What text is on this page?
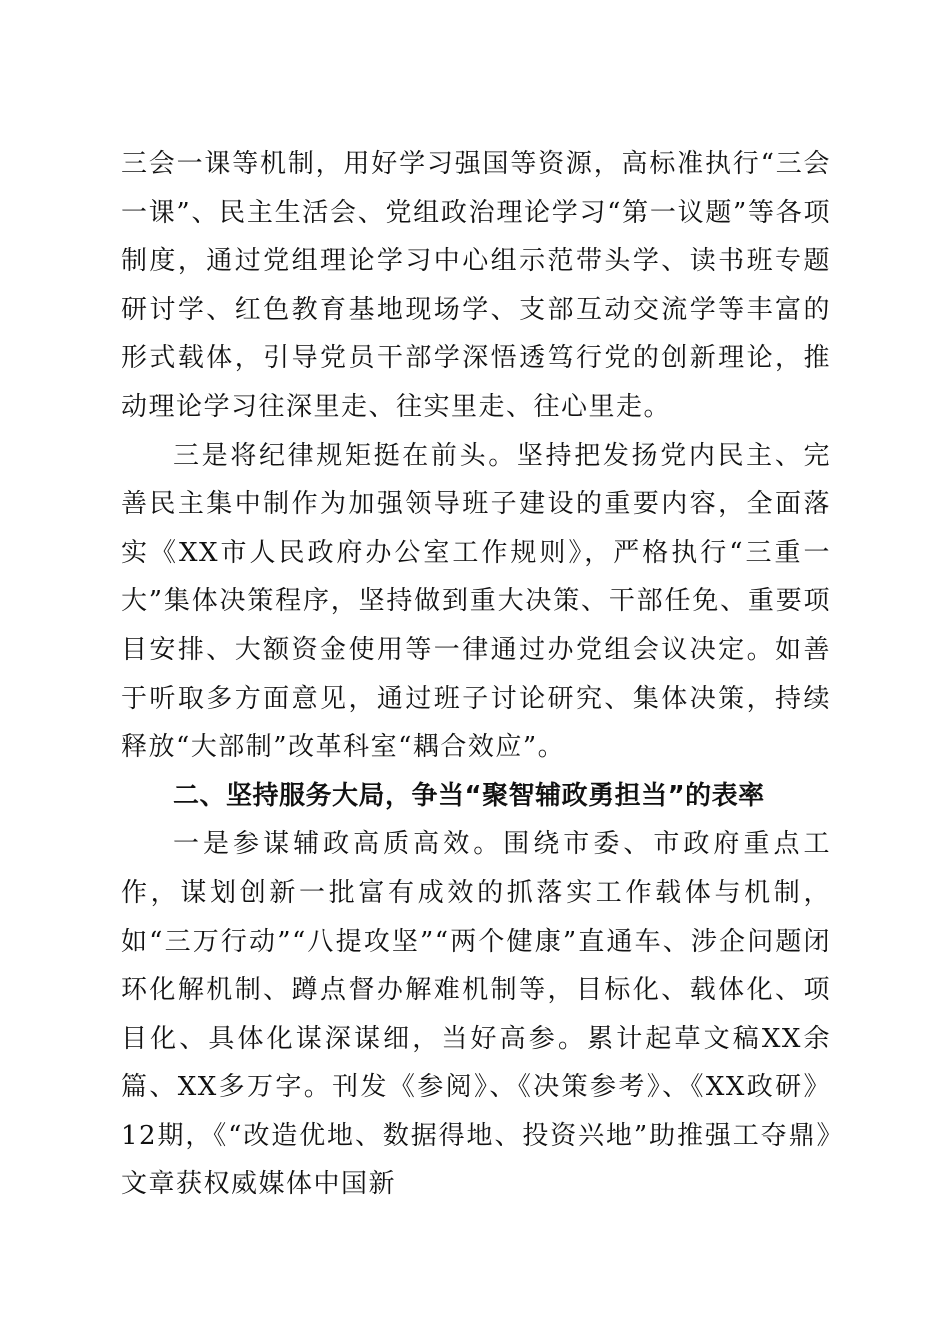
三会一课等机制，用好学习强国等资源，高标准执行“三会一课”、民主生活会、党组政治理论学习“第一议题”等各项制度，通过党组理论学习中心组示范带头学、读书班专题研讨学、红色教育基地现场学、支部互动交流学等丰富的形式载体，引导党员干部学深悟透笃行党的创新理论，推动理论学习往深里走、往实里走、往心里走。

三是将纪律规矩挺在前头。坚持把发扬党内民主、完善民主集中制作为加强领导班子建设的重要内容，全面落实《XX市人民政府办公室工作规则》，严格执行“三重一大”集体决策程序，坚持做到重大决策、干部任免、重要项目安排、大额资金使用等一律通过办党组会议决定。如善于听取多方面意见，通过班子讨论研究、集体决策，持续释放“大部制”改革科室“耦合效应”。

二、坚持服务大局，争当“聚智辅政勇担当”的表率

一是参谋辅政高质高效。围绕市委、市政府重点工作，谋划创新一批富有成效的抓落实工作载体与机制，如“三万行动”“八提攻坚”“两个健康”直通车、涉企问题闭环化解机制、蹲点督办解难机制等，目标化、载体化、项目化、具体化谋深谋细，当好高参。累计起草文稿XX余篇、XX多万字。刊发《参阅》、《决策参考》、《XX政研》12期，《“改造优地、数据得地、投资兴地”助推强工夺鼎》文章获权威媒体中国新
